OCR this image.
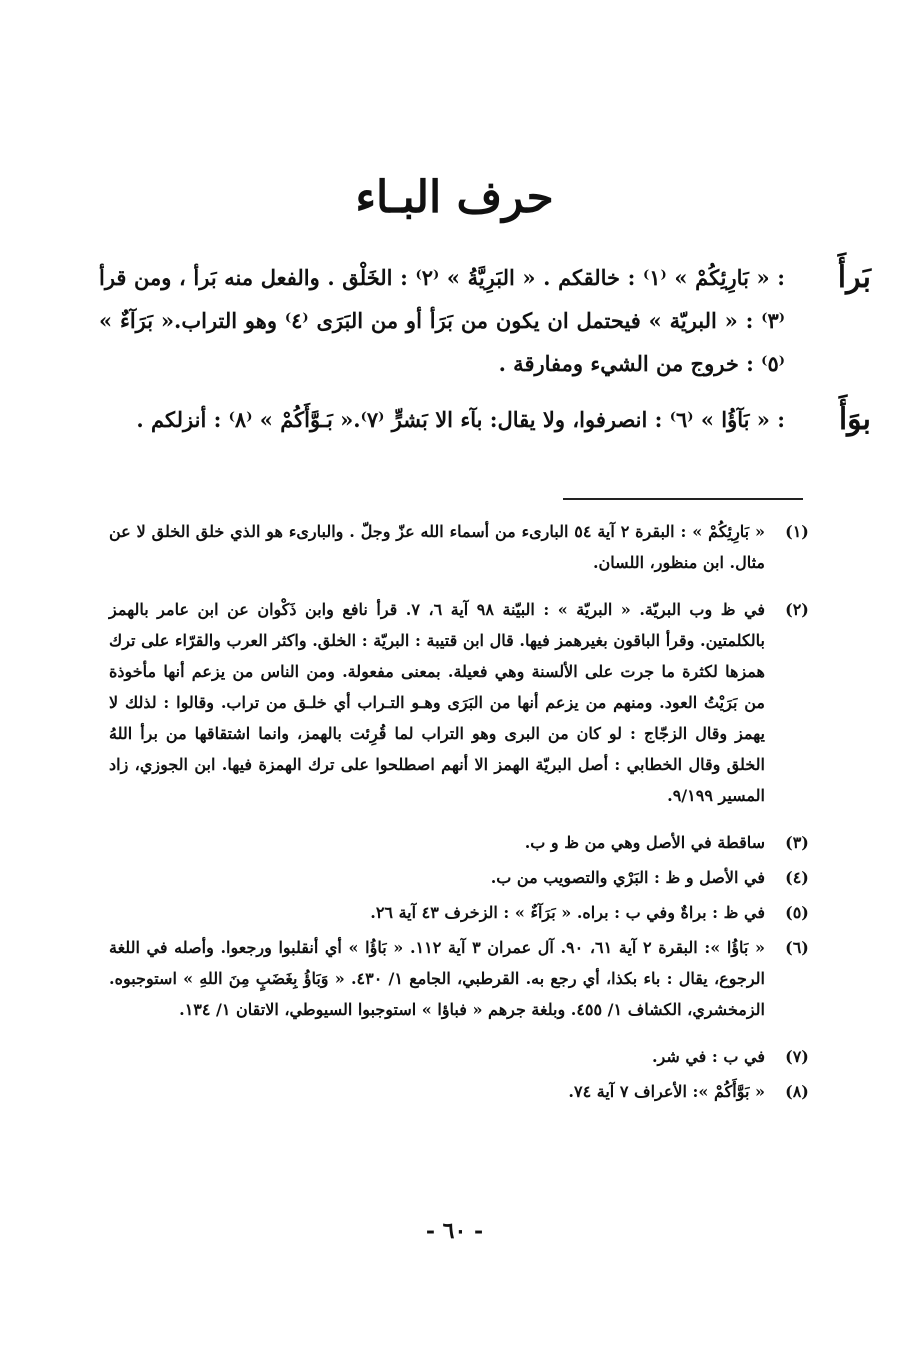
حرف البـاء
بَرأَ
: « بَارِئِكُمْ » ⁽١⁾ : خالقكم . « البَرِيَّةُ » ⁽٢⁾ : الخَلْق . والفعل منه بَرأ ، ومن قرأ ⁽٣⁾ : « البريّة » فيحتمل ان يكون من بَرَأ أو من البَرَى ⁽٤⁾ وهو التراب.« بَرَآءٌ » ⁽٥⁾ : خروج من الشيء ومفارقة .
بوَأَ
: « بَآؤُا » ⁽٦⁾ : انصرفوا، ولا يقال: بآء الا بَشرٍّ ⁽٧⁾.« بَـوَّأَكُمْ » ⁽٨⁾ : أنزلكم .
(١)
« بَارِئِكُمْ » : البقرة ٢ آية ٥٤ البارىء من أسماء الله عزّ وجلّ . والبارىء هو الذي خلق الخلق لا عن مثال. ابن منظور، اللسان.
(٢)
في ظ وب البريّة. « البريّة » : البيّنة ٩٨ آية ٦، ٧. قرأ نافع وابن ذَكْوان عن ابن عامر بالهمز بالكلمتين. وقرأ الباقون بغيرهمز فيها. قال ابن قتيبة : البريّة : الخلق. واكثر العرب والقرّاء على ترك همزها لكثرة ما جرت على الألسنة وهي فعيلة. بمعنى مفعولة. ومن الناس من يزعم أنها مأخوذة من بَرَيْتُ العود. ومنهم من يزعم أنها من البَرَى وهـو التـراب أي خلـق من تراب. وقالوا : لذلك لا يهمز وقال الزجّاج : لو كان من البرى وهو التراب لما قُرِئت بالهمز، وانما اشتقاقها من برأ اللهُ الخلق وقال الخطابي : أصل البريّة الهمز الا أنهم اصطلحوا على ترك الهمزة فيها. ابن الجوزي، زاد المسير ٩/١٩٩.
(٣)
ساقطة في الأصل وهي من ظ و ب.
(٤)
في الأصل و ظ : البَرْي والتصويب من ب.
(٥)
في ظ : براةٌ وفي ب : براه. « بَرَآءٌ » : الزخرف ٤٣ آية ٢٦.
(٦)
« بَاؤُا »: البقرة ٢ آية ٦١، ٩٠. آل عمران ٣ آية ١١٢. « بَاؤُا » أي أنقلبوا ورجعوا. وأصله في اللغة الرجوع، يقال : باء بكذا، أي رجع به. القرطبي، الجامع ١/ ٤٣٠. « وَبَاؤُ بِغَضَبٍ مِنَ اللهِ » استوجبوه. الزمخشري، الكشاف ١/ ٤٥٥. وبلغة جرهم « فباؤا » استوجبوا السيوطي، الاتقان ١/ ١٣٤.
(٧)
في ب : في شر.
(٨)
« بَوَّأَكُمْ »: الأعراف ٧ آية ٧٤.
- ٦٠ -
